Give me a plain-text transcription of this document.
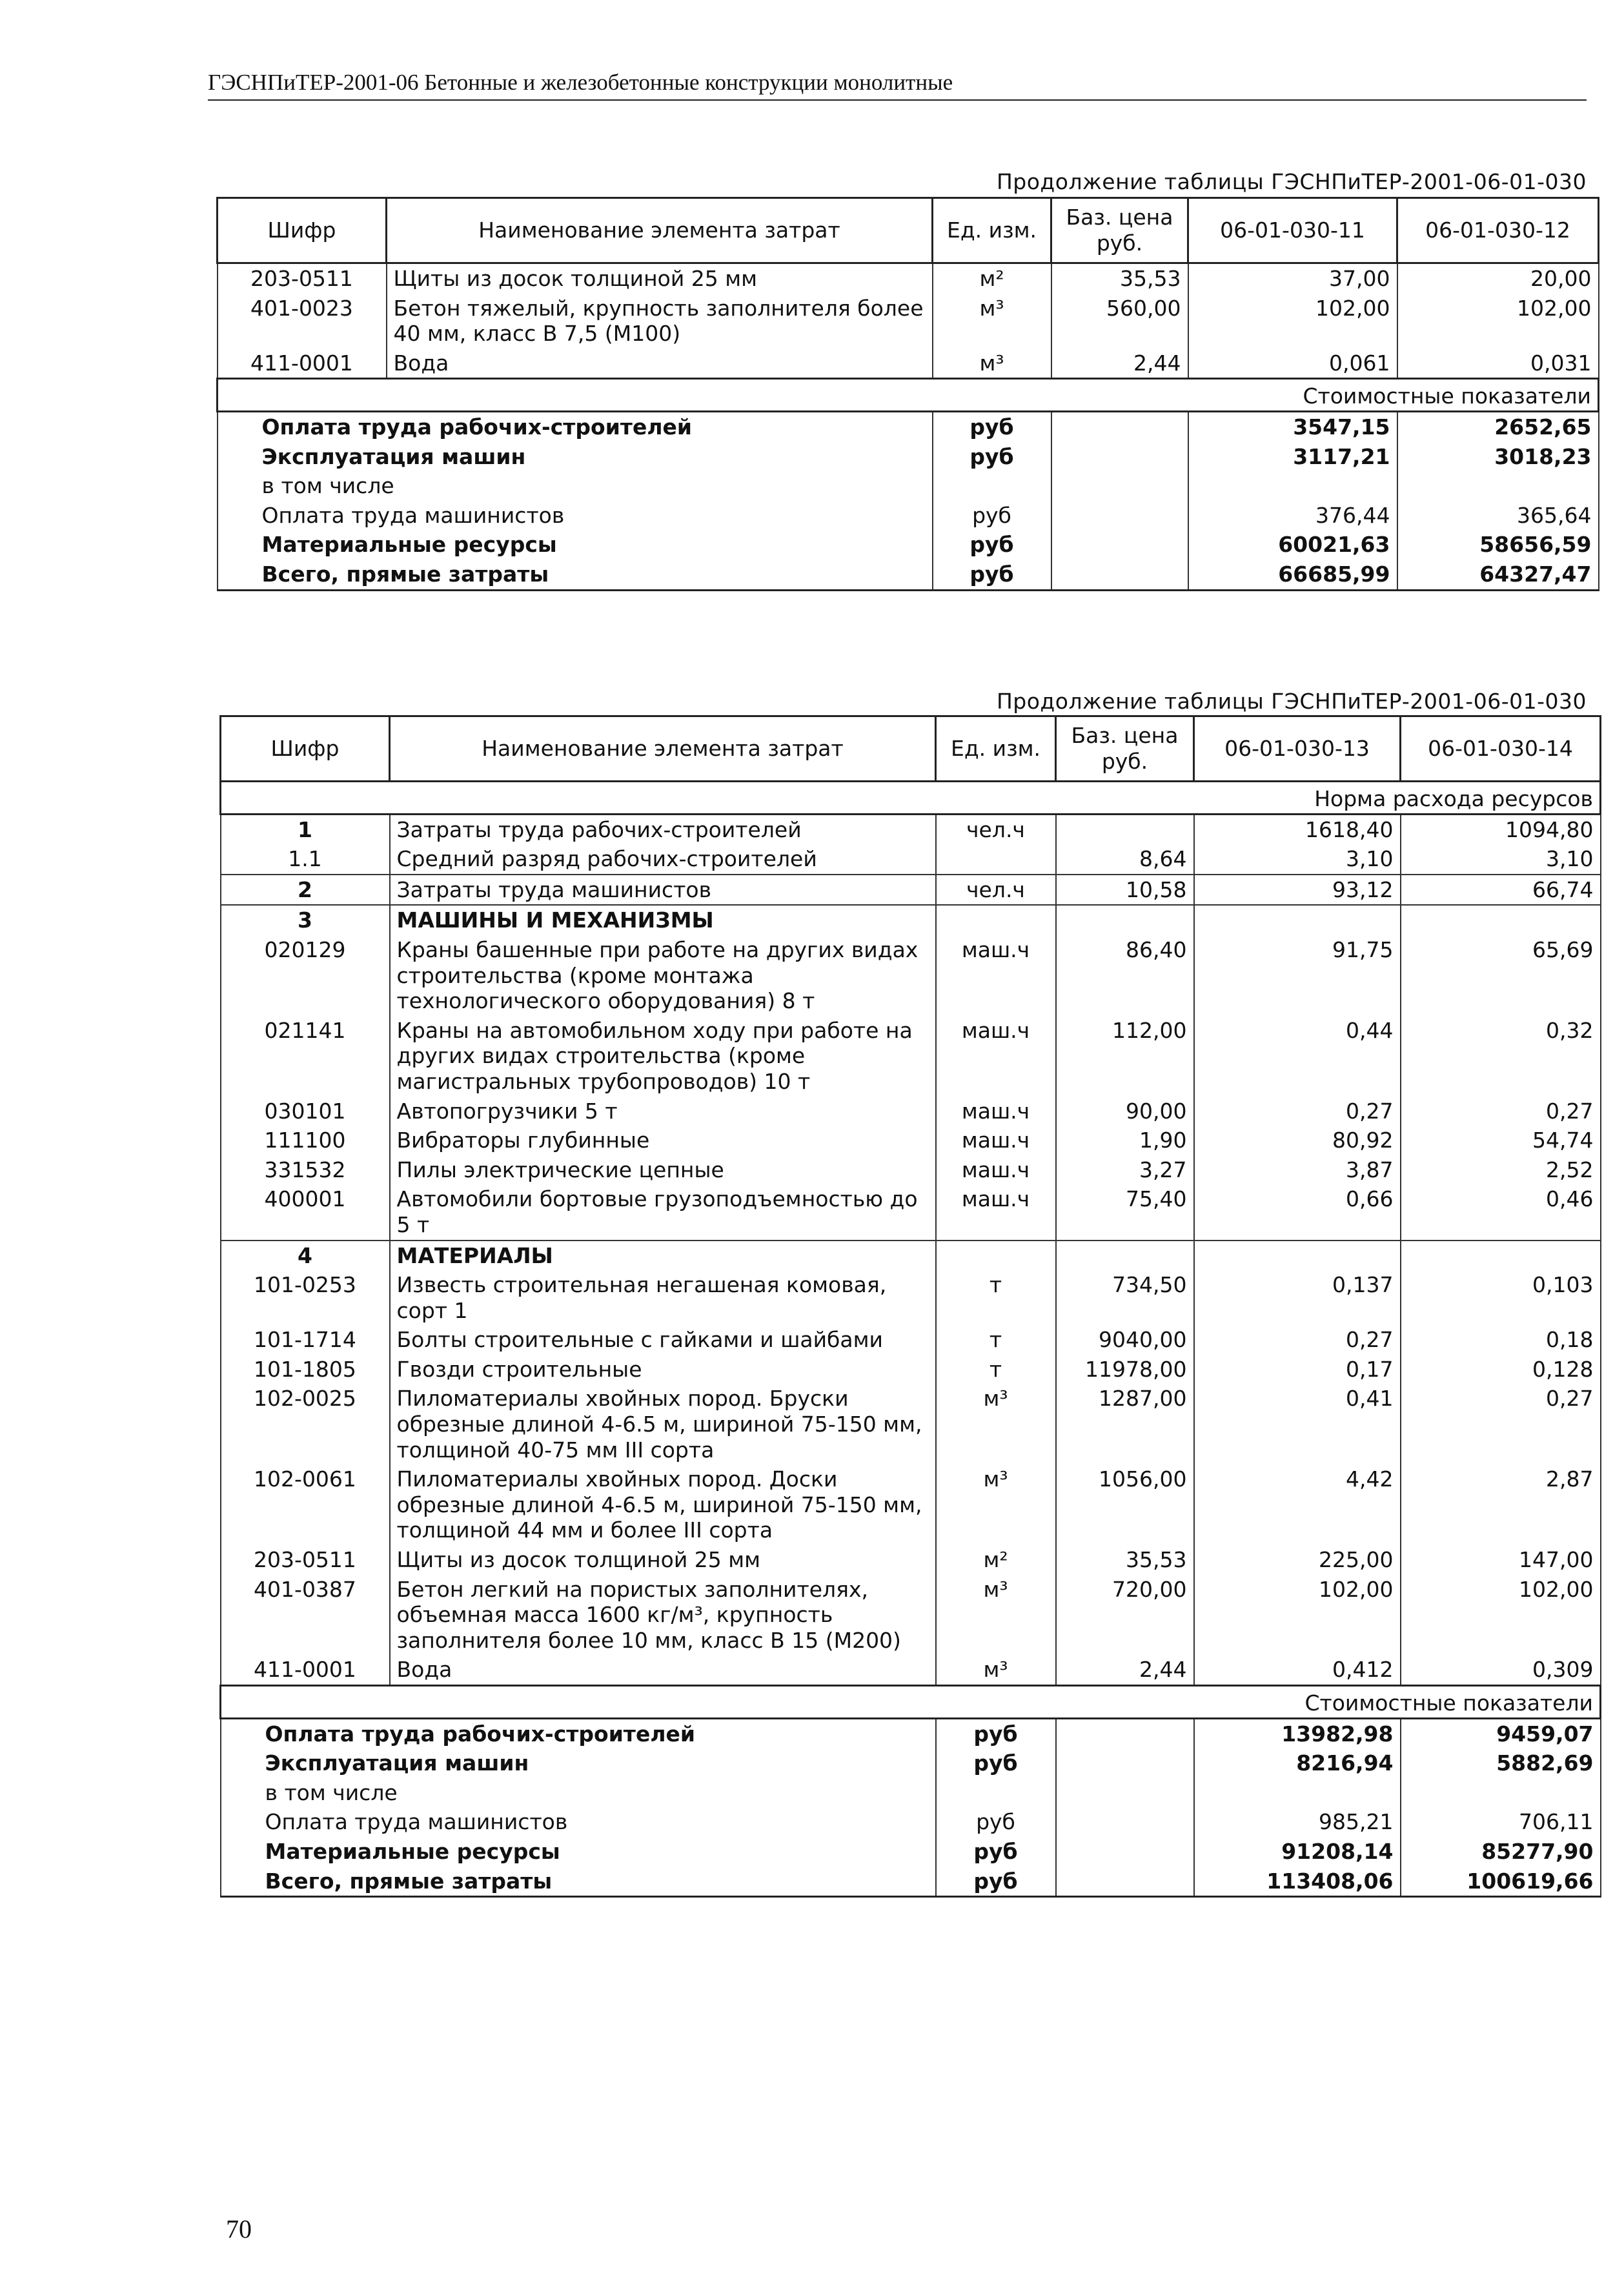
ГЭСНПиТЕР-2001-06 Бетонные и железобетонные конструкции монолитные
Продолжение таблицы ГЭСНПиТЕР-2001-06-01-030
Шифр	Наименование элемента затрат	Ед. изм.	Баз. цена руб.	06-01-030-11	06-01-030-12
203-0511	Щиты из досок толщиной 25 мм	м²	35,53	37,00	20,00
401-0023	Бетон тяжелый, крупность заполнителя более 40 мм, класс В 7,5 (М100)	м³	560,00	102,00	102,00
411-0001	Вода	м³	2,44	0,061	0,031
Стоимостные показатели					
Оплата труда рабочих-строителей		руб		3547,15	2652,65
Эксплуатация машин		руб		3117,21	3018,23
в том числе					
Оплата труда машинистов		руб		376,44	365,64
Материальные ресурсы		руб		60021,63	58656,59
Всего, прямые затраты		руб		66685,99	64327,47
Продолжение таблицы ГЭСНПиТЕР-2001-06-01-030
Шифр	Наименование элемента затрат	Ед. изм.	Баз. цена руб.	06-01-030-13	06-01-030-14
Норма расхода ресурсов					
1	Затраты труда рабочих-строителей	чел.ч		1618,40	1094,80
1.1	Средний разряд рабочих-строителей		8,64	3,10	3,10
2	Затраты труда машинистов	чел.ч	10,58	93,12	66,74
3	МАШИНЫ И МЕХАНИЗМЫ				
020129	Краны башенные при работе на других видах строительства (кроме монтажа технологического оборудования) 8 т	маш.ч	86,40	91,75	65,69
021141	Краны на автомобильном ходу при работе на других видах строительства (кроме магистральных трубопроводов) 10 т	маш.ч	112,00	0,44	0,32
030101	Автопогрузчики 5 т	маш.ч	90,00	0,27	0,27
111100	Вибраторы глубинные	маш.ч	1,90	80,92	54,74
331532	Пилы электрические цепные	маш.ч	3,27	3,87	2,52
400001	Автомобили бортовые грузоподъемностью до 5 т	маш.ч	75,40	0,66	0,46
4	МАТЕРИАЛЫ				
101-0253	Известь строительная негашеная комовая, сорт 1	т	734,50	0,137	0,103
101-1714	Болты строительные с гайками и шайбами	т	9040,00	0,27	0,18
101-1805	Гвозди строительные	т	11978,00	0,17	0,128
102-0025	Пиломатериалы хвойных пород. Бруски обрезные длиной 4-6.5 м, шириной 75-150 мм, толщиной 40-75 мм III сорта	м³	1287,00	0,41	0,27
102-0061	Пиломатериалы хвойных пород. Доски обрезные длиной 4-6.5 м, шириной 75-150 мм, толщиной 44 мм и более III сорта	м³	1056,00	4,42	2,87
203-0511	Щиты из досок толщиной 25 мм	м²	35,53	225,00	147,00
401-0387	Бетон легкий на пористых заполнителях, объемная масса 1600 кг/м³, крупность заполнителя более 10 мм, класс В 15 (М200)	м³	720,00	102,00	102,00
411-0001	Вода	м³	2,44	0,412	0,309
Стоимостные показатели					
Оплата труда рабочих-строителей		руб		13982,98	9459,07
Эксплуатация машин		руб		8216,94	5882,69
в том числе					
Оплата труда машинистов		руб		985,21	706,11
Материальные ресурсы		руб		91208,14	85277,90
Всего, прямые затраты		руб		113408,06	100619,66
70
